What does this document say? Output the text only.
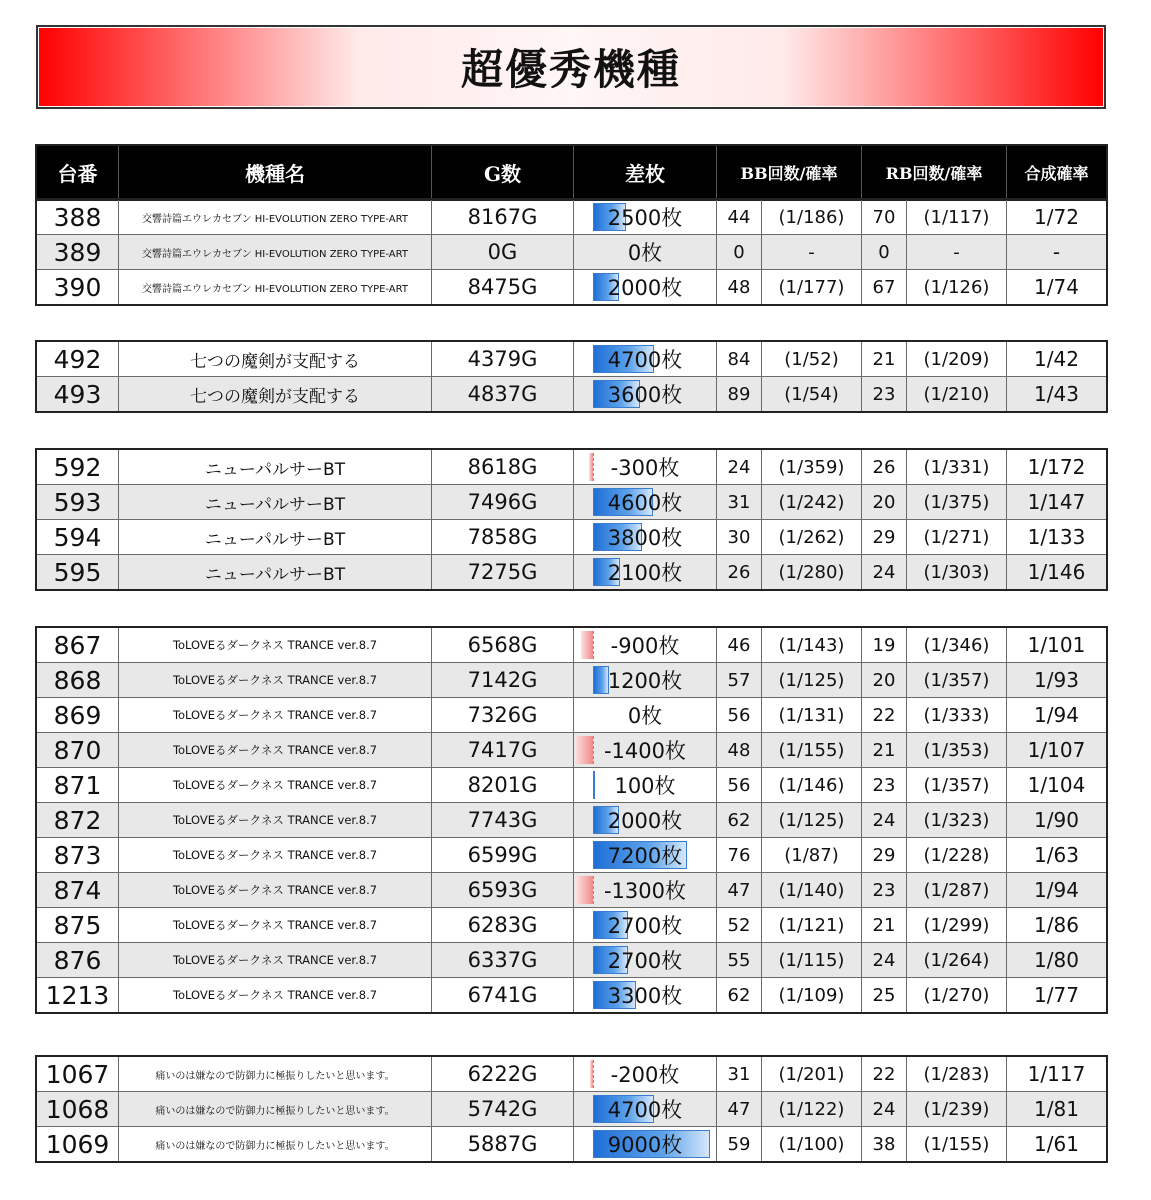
超優秀機種
台番	機種名	G数	差枚	BB回数/確率	RB回数/確率	合成確率
388	交響詩篇エウレカセブン HI-EVOLUTION ZERO TYPE-ART	8167G	2500枚	44	(1/186)	70	(1/117)	1/72
389	交響詩篇エウレカセブン HI-EVOLUTION ZERO TYPE-ART	0G	0枚	0	-	0	-	-
390	交響詩篇エウレカセブン HI-EVOLUTION ZERO TYPE-ART	8475G	2000枚	48	(1/177)	67	(1/126)	1/74
492	七つの魔剣が支配する	4379G	4700枚	84	(1/52)	21	(1/209)	1/42
493	七つの魔剣が支配する	4837G	3600枚	89	(1/54)	23	(1/210)	1/43
592	ニューパルサーBT	8618G	-300枚	24	(1/359)	26	(1/331)	1/172
593	ニューパルサーBT	7496G	4600枚	31	(1/242)	20	(1/375)	1/147
594	ニューパルサーBT	7858G	3800枚	30	(1/262)	29	(1/271)	1/133
595	ニューパルサーBT	7275G	2100枚	26	(1/280)	24	(1/303)	1/146
867	ToLOVEるダークネス TRANCE ver.8.7	6568G	-900枚	46	(1/143)	19	(1/346)	1/101
868	ToLOVEるダークネス TRANCE ver.8.7	7142G	1200枚	57	(1/125)	20	(1/357)	1/93
869	ToLOVEるダークネス TRANCE ver.8.7	7326G	0枚	56	(1/131)	22	(1/333)	1/94
870	ToLOVEるダークネス TRANCE ver.8.7	7417G	-1400枚	48	(1/155)	21	(1/353)	1/107
871	ToLOVEるダークネス TRANCE ver.8.7	8201G	100枚	56	(1/146)	23	(1/357)	1/104
872	ToLOVEるダークネス TRANCE ver.8.7	7743G	2000枚	62	(1/125)	24	(1/323)	1/90
873	ToLOVEるダークネス TRANCE ver.8.7	6599G	7200枚	76	(1/87)	29	(1/228)	1/63
874	ToLOVEるダークネス TRANCE ver.8.7	6593G	-1300枚	47	(1/140)	23	(1/287)	1/94
875	ToLOVEるダークネス TRANCE ver.8.7	6283G	2700枚	52	(1/121)	21	(1/299)	1/86
876	ToLOVEるダークネス TRANCE ver.8.7	6337G	2700枚	55	(1/115)	24	(1/264)	1/80
1213	ToLOVEるダークネス TRANCE ver.8.7	6741G	3300枚	62	(1/109)	25	(1/270)	1/77
1067	痛いのは嫌なので防御力に極振りしたいと思います。	6222G	-200枚	31	(1/201)	22	(1/283)	1/117
1068	痛いのは嫌なので防御力に極振りしたいと思います。	5742G	4700枚	47	(1/122)	24	(1/239)	1/81
1069	痛いのは嫌なので防御力に極振りしたいと思います。	5887G	9000枚	59	(1/100)	38	(1/155)	1/61
